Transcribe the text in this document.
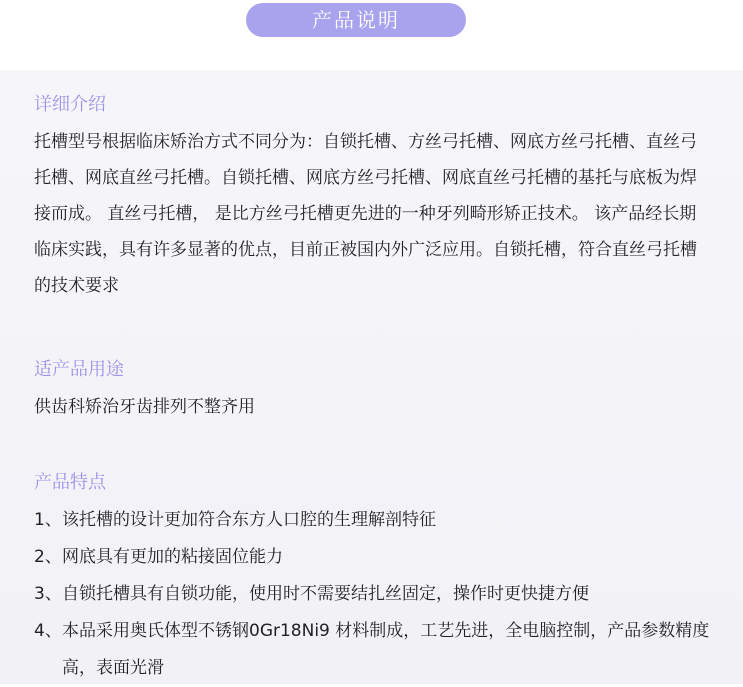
产品说明
详细介绍
托槽型号根据临床矫治方式不同分为：自锁托槽、方丝弓托槽、网底方丝弓托槽、直丝弓托槽、网底直丝弓托槽。自锁托槽、网底方丝弓托槽、网底直丝弓托槽的基托与底板为焊接而成。 直丝弓托槽， 是比方丝弓托槽更先进的一种牙列畸形矫正技术。 该产品经长期临床实践，具有许多显著的优点，目前正被国内外广泛应用。自锁托槽，符合直丝弓托槽的技术要求
适产品用途
供齿科矫治牙齿排列不整齐用
产品特点
1、 该托槽的设计更加符合东方人口腔的生理解剖特征
2、 网底具有更加的粘接固位能力
3、 自锁托槽具有自锁功能，使用时不需要结扎丝固定，操作时更快捷方便
4、 本品采用奥氏体型不锈钢0Gr18Ni9 材料制成，工艺先进，全电脑控制，产品参数精度高，表面光滑
